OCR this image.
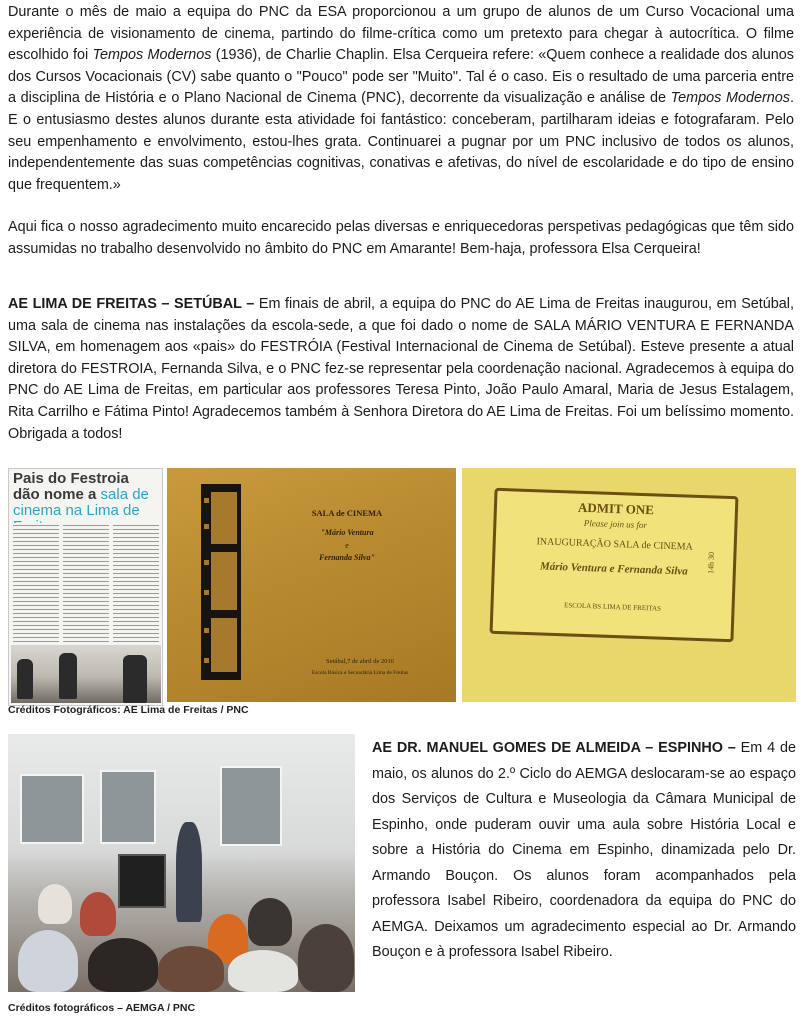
Durante o mês de maio a equipa do PNC da ESA proporcionou a um grupo de alunos de um Curso Vocacional uma experiência de visionamento de cinema, partindo do filme-crítica como um pretexto para chegar à autocrítica. O filme escolhido foi Tempos Modernos (1936), de Charlie Chaplin. Elsa Cerqueira refere: «Quem conhece a realidade dos alunos dos Cursos Vocacionais (CV) sabe quanto o "Pouco" pode ser "Muito". Tal é o caso. Eis o resultado de uma parceria entre a disciplina de História e o Plano Nacional de Cinema (PNC), decorrente da visualização e análise de Tempos Modernos. E o entusiasmo destes alunos durante esta atividade foi fantástico: conceberam, partilharam ideias e fotografaram. Pelo seu empenhamento e envolvimento, estou-lhes grata. Continuarei a pugnar por um PNC inclusivo de todos os alunos, independentemente das suas competências cognitivas, conativas e afetivas, do nível de escolaridade e do tipo de ensino que frequentem.»

Aqui fica o nosso agradecimento muito encarecido pelas diversas e enriquecedoras perspetivas pedagógicas que têm sido assumidas no trabalho desenvolvido no âmbito do PNC em Amarante! Bem-haja, professora Elsa Cerqueira!

AE LIMA DE FREITAS – SETÚBAL – Em finais de abril, a equipa do PNC do AE Lima de Freitas inaugurou, em Setúbal, uma sala de cinema nas instalações da escola-sede, a que foi dado o nome de SALA MÁRIO VENTURA E FERNANDA SILVA, em homenagem aos «pais» do FESTRÓIA (Festival Internacional de Cinema de Setúbal). Esteve presente a atual diretora do FESTROIA, Fernanda Silva, e o PNC fez-se representar pela coordenação nacional. Agradecemos à equipa do PNC do AE Lima de Freitas, em particular aos professores Teresa Pinto, João Paulo Amaral, Maria de Jesus Estalagem, Rita Carrilho e Fátima Pinto! Agradecemos também à Senhora Diretora do AE Lima de Freitas. Foi um belíssimo momento. Obrigada a todos!

Pais do Festroia dão nome a sala de cinema na Lima de	SALA de CINEMA
"Mário Ventura
e
Fernanda Silva"
Setúbal,7 de abril de 2016
Escola Básica e Secundária Lima de Freitas
ADMIT ONE
Please join us for
INAUGURAÇÃO SALA de CINEMA
Mário Ventura e Fernanda Silva
ESCOLA BS LIMA DE FREITAS
14h 30
Créditos Fotográficos: AE Lima de Freitas / PNC

AE DR. MANUEL GOMES DE ALMEIDA – ESPINHO – Em 4 de maio, os alunos do 2.º Ciclo do AEMGA deslocaram-se ao espaço dos Serviços de Cultura e Museologia da Câmara Municipal de Espinho, onde puderam ouvir uma aula sobre História Local e sobre a História do Cinema em Espinho, dinamizada pelo Dr. Armando Bouçon. Os alunos foram acompanhados pela professora Isabel Ribeiro, coordenadora da equipa do PNC do AEMGA. Deixamos um agradecimento especial ao Dr. Armando Bouçon e à professora Isabel Ribeiro.

Créditos fotográficos – AEMGA / PNC
